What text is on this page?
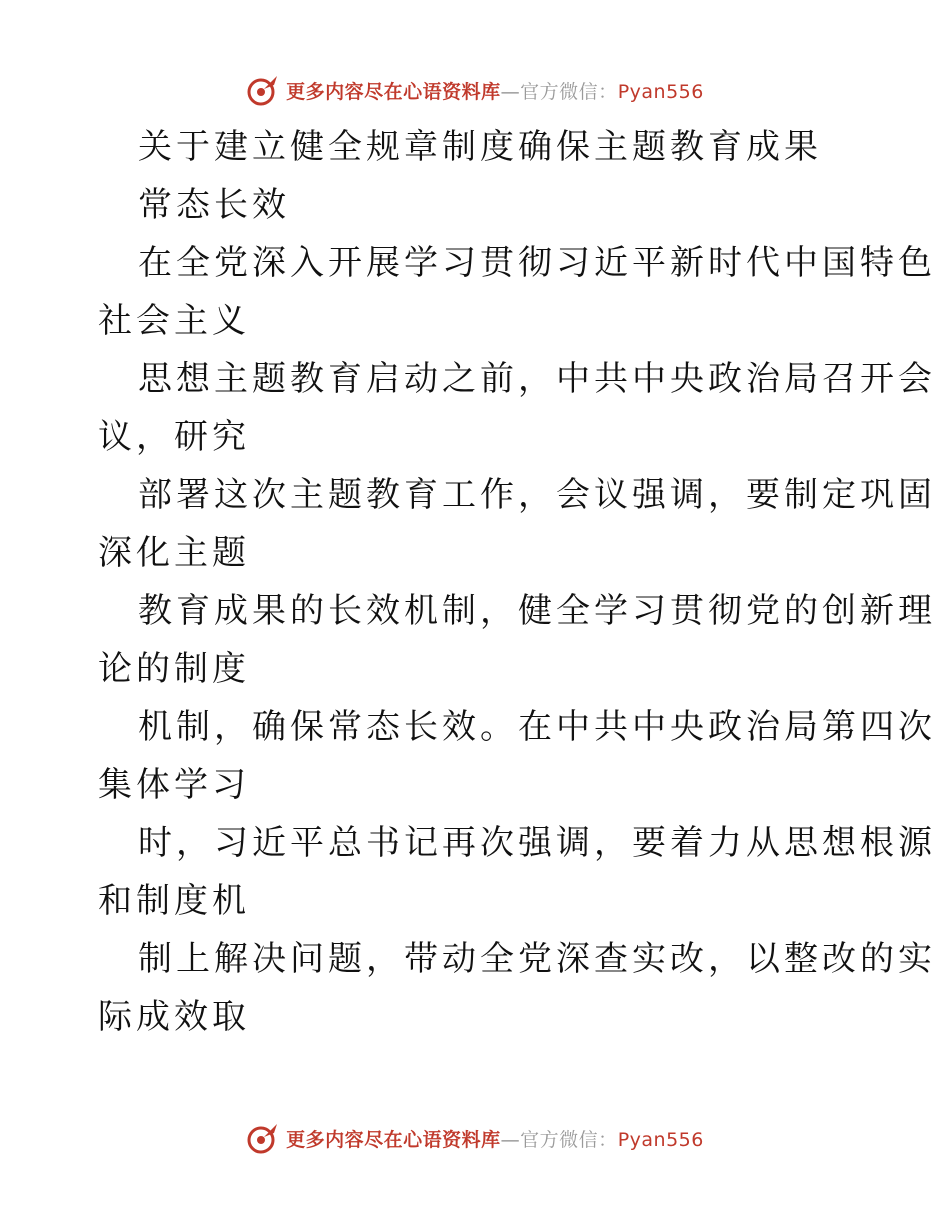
更多内容尽在心语资料库—官方微信：Pyan556
关于建立健全规章制度确保主题教育成果
常态长效
在全党深入开展学习贯彻习近平新时代中国特色
社会主义
思想主题教育启动之前，中共中央政治局召开会
议，研究
部署这次主题教育工作，会议强调，要制定巩固
深化主题
教育成果的长效机制，健全学习贯彻党的创新理
论的制度
机制，确保常态长效。在中共中央政治局第四次
集体学习
时，习近平总书记再次强调，要着力从思想根源
和制度机
制上解决问题，带动全党深查实改，以整改的实
际成效取
更多内容尽在心语资料库—官方微信：Pyan556
